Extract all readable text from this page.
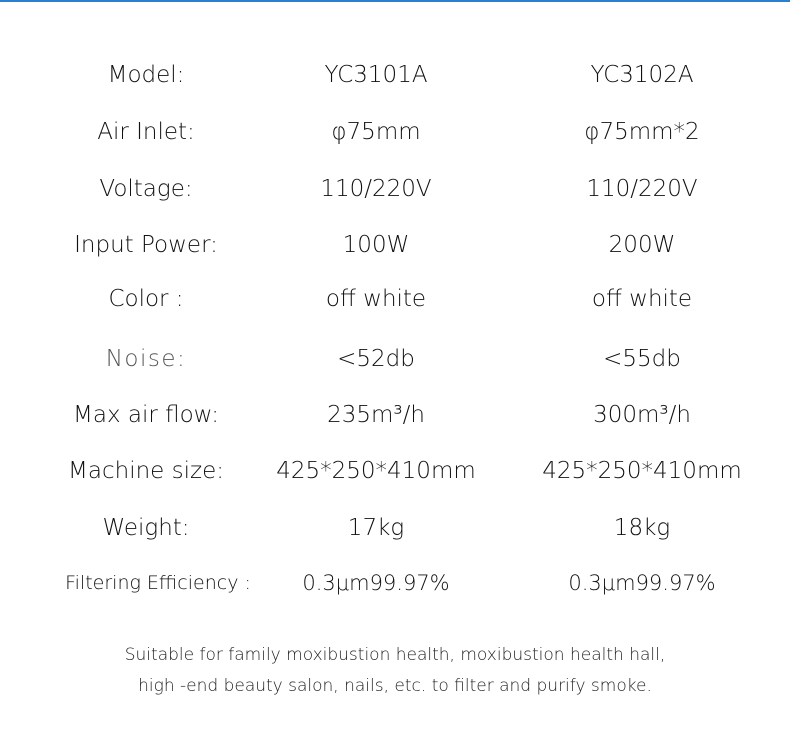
Model:	YC3101A	YC3102A
Air Inlet:	φ75mm	φ75mm*2
Voltage:	110/220V	110/220V
Input Power:	100W	200W
Color :	off white	off white
Noise:	<52db	<55db
Max air flow:	235m³/h	300m³/h
Machine size: 425*250*410mm	425*250*410mm
Weight:	17kg	18kg
Filtering Efficiency : 0.3μm99.97%	0.3μm99.97%
Suitable for family moxibustion health, moxibustion health hall,
high -end beauty salon, nails, etc. to filter and purify smoke.
